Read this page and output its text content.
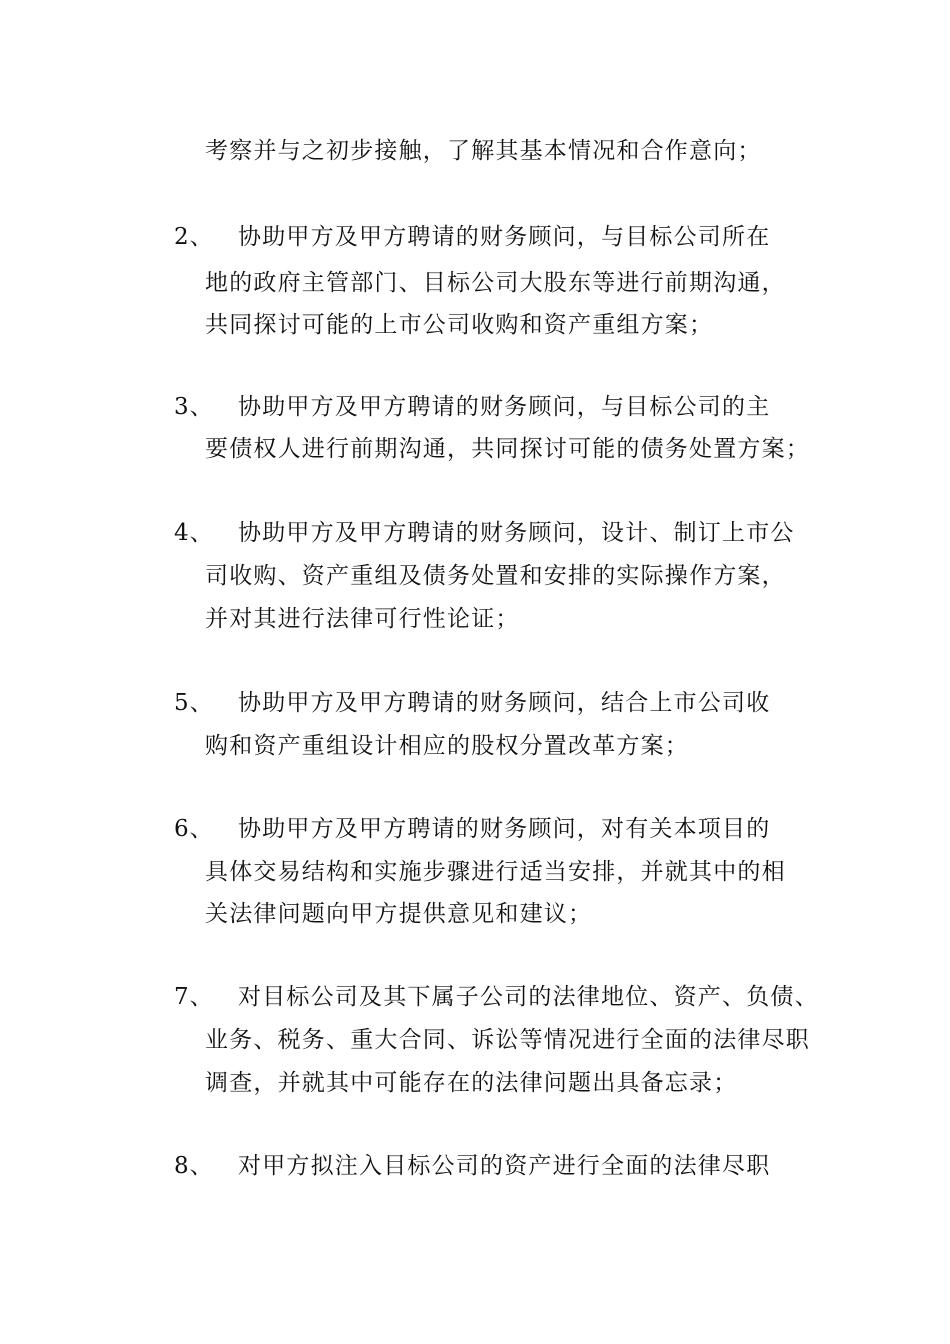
考察并与之初步接触，了解其基本情况和合作意向；
2、 协助甲方及甲方聘请的财务顾问，与目标公司所在
地的政府主管部门、目标公司大股东等进行前期沟通，
共同探讨可能的上市公司收购和资产重组方案；
3、 协助甲方及甲方聘请的财务顾问，与目标公司的主
要债权人进行前期沟通，共同探讨可能的债务处置方案；
4、 协助甲方及甲方聘请的财务顾问，设计、制订上市公
司收购、资产重组及债务处置和安排的实际操作方案，
并对其进行法律可行性论证；
5、 协助甲方及甲方聘请的财务顾问，结合上市公司收
购和资产重组设计相应的股权分置改革方案；
6、 协助甲方及甲方聘请的财务顾问，对有关本项目的
具体交易结构和实施步骤进行适当安排，并就其中的相
关法律问题向甲方提供意见和建议；
7、 对目标公司及其下属子公司的法律地位、资产、负债、
业务、税务、重大合同、诉讼等情况进行全面的法律尽职
调查，并就其中可能存在的法律问题出具备忘录；
8、 对甲方拟注入目标公司的资产进行全面的法律尽职
